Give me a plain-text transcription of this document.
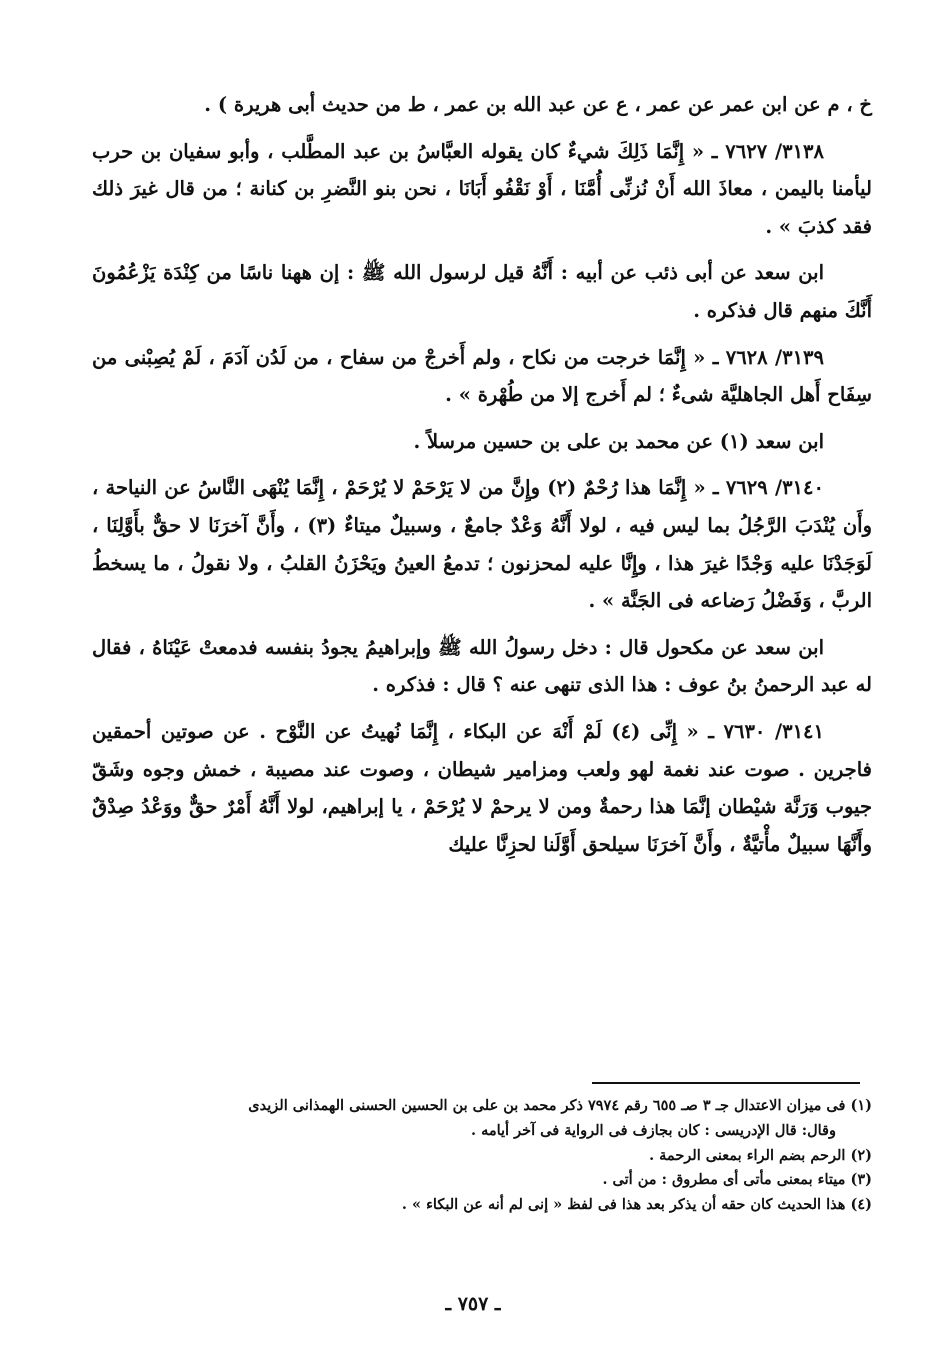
خ ، م عن ابن عمر عن عمر ، ع عن عبد الله بن عمر ، ط من حديث أبى هريرة ) .

٣١٣٨/ ٧٦٢٧ ـ « إِنَّمَا ذَلِكَ شيءٌ كان يقوله العبَّاسُ بن عبد المطَّلب ، وأبو سفيان بن حرب ليأمنا باليمن ، معاذَ الله أَنْ نُزنِّى أُمَّنَا ، أَوْ نَقْفُو أَبَانَا ، نحن بنو النَّضرِ بن كنانة ؛ من قال غيرَ ذلك فقد كذبَ » .

ابن سعد عن أبى ذئب عن أبيه : أَنَّهُ قيل لرسول الله ﷺ : إن ههنا ناسًا من كِنْدَة يَزْعُمُونَ أَنَّكَ منهم قال فذكره .

٣١٣٩/ ٧٦٢٨ ـ « إِنَّمَا خرجت من نكاح ، ولم أَخرجْ من سفاح ، من لَدُن آدَمَ ، لَمْ يُصِبْنى من سِفَاح أَهل الجاهليَّة شىءٌ ؛ لم أَخرج إلا من طُهْرة » .

ابن سعد (١) عن محمد بن على بن حسين مرسلاً .

٣١٤٠/ ٧٦٢٩ ـ « إِنَّمَا هذا رُحْمٌ (٢) وإِنَّ من لا يَرْحَمْ لا يُرْحَمْ ، إِنَّمَا يُنْهَى النَّاسُ عن النياحة ، وأَن يُنْدَبَ الرَّجُلُ بما ليس فيه ، لولا أَنَّهُ وَعْدٌ جامعٌ ، وسبيلٌ ميتاءٌ (٣) ، وأَنَّ آخرَنَا لا حقٌّ بأَوَّلِنَا ، لَوَجَدْنَا عليه وَجْدًا غيرَ هذا ، وإِنَّا عليه لمحزنون ؛ تدمعُ العينُ ويَحْزَنُ القلبُ ، ولا نقولُ ، ما يسخطُ الربَّ ، وَفَضْلُ رَضاعه فى الجَنَّة » .

ابن سعد عن مكحول قال : دخل رسولُ الله ﷺ وإبراهيمُ يجودُ بنفسه فدمعتْ عَيْنَاهُ ، فقال له عبد الرحمنُ بنُ عوف : هذا الذى تنهى عنه ؟ قال : فذكره .

٣١٤١/ ٧٦٣٠ ـ « إِنِّى (٤) لَمْ أَنْهَ عن البكاء ، إِنَّمَا نُهيتُ عن النَّوْح . عن صوتين أحمقين فاجرين . صوت عند نغمة لهو ولعب ومزامير شيطان ، وصوت عند مصيبة ، خمش وجوه وشَقّ جيوب وَرَنَّة شيْطان إنَّمَا هذا رحمةٌ ومن لا يرحمْ لا يُرْحَمْ ، يا إبراهيم، لولا أَنَّهُ أَمْرٌ حقٌّ ووَعْدُ صِدْقٌ وأَنَّهَا سبيلٌ مأْتيَّةٌ ، وأَنَّ آخرَنَا سيلحق أَوَّلَنا لحزِنَّا عليك

(١) فى ميزان الاعتدال جـ ٣ صـ ٦٥٥ رقم ٧٩٧٤ ذكر محمد بن على بن الحسين الحسنى الهمذانى الزيدى

وقال: قال الإدريسى : كان بجازف فى الرواية فى آخر أيامه .

(٢) الرحم بضم الراء بمعنى الرحمة .

(٣) ميتاء بمعنى مأتى أى مطروق : من أتى .

(٤) هذا الحديث كان حقه أن يذكر بعد هذا فى لفظ « إنى لم أنه عن البكاء » .

ـ ٧٥٧ ـ
